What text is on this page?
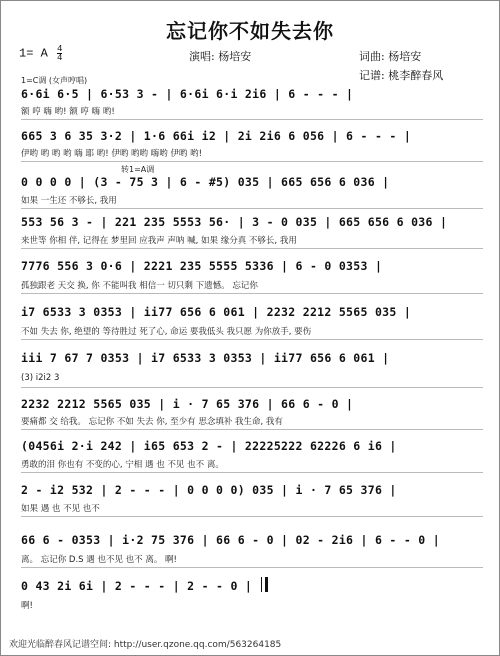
忘记你不如失去你
1= A $\frac{4}{4}$	演唱: 杨培安	词曲: 杨培安
记谱: 桃李醉春风
1=C调 (女声哼唱)
转1=A调
6·6i 6·5 | 6·53 3 - | 6·6i 6·i 2i6 | 6 - - - |
额 哼 嗨 哟! 额 哼 嗨 哟!
665 3 6 35 3·2 | 1·6 66i i2 | 2i 2i6 6 056 | 6 - - - |
伊哟 哟 哟 哟 嗨 耶 哟! 伊哟 哟哟 嗨哟 伊哟 哟!
0 0 0 0 | (3 - 75 3 | 6 - #5) 035 | 665 656 6 036 |
如果 一生还 不够长, 我用
553 56 3 - | 221 235 5553 56· | 3 - 0 035 | 665 656 6 036 |
来世等 你相 伴, 记得在 梦里回 应我声 声呐 喊, 如果 缘分真 不够长, 我用
7776 556 3 0·6 | 2221 235 5555 5336 | 6 - 0 0353 |
孤独跟老 天交 换, 你 不能叫我 相信一 切只剩 下遗憾。 忘记你
i7 6533 3 0353 | ii77 656 6 061 | 2232 2212 5565 035 |
不如 失去 你, 绝望的 等待胜过 死了心, 命运 要我低头 我只愿 为你放手, 要伤
iii 7 67 7 0353 | i7 6533 3 0353 | ii77 656 6 061 |
(3) i2i2 3
2232 2212 5565 035 | i · 7 65 376 | 66 6 - 0 |
要痛都 交 给我。 忘记你 不如 失去 你, 至少有 思念填补 我生命, 我有
(0456i 2·i 242 | i65 653 2 - | 22225222 62226 6 i6 |
勇敢的泪 你也有 不变的心, 宁相 遇 也 不见 也不 离。
2 - i2 532 | 2 - - - | 0 0 0 0) 035 | i · 7 65 376 |
如果 遇 也 不见 也不
66 6 - 0353 | i·2 75 376 | 66 6 - 0 | 02 - 2i6 | 6 - - 0 |
离。 忘记你 D.S 遇 也不见 也不 离。 啊!
0 43 2i 6i | 2 - - - | 2 - - 0 |
啊!
欢迎光临醉春风记谱空间: http://user.qzone.qq.com/563264185
